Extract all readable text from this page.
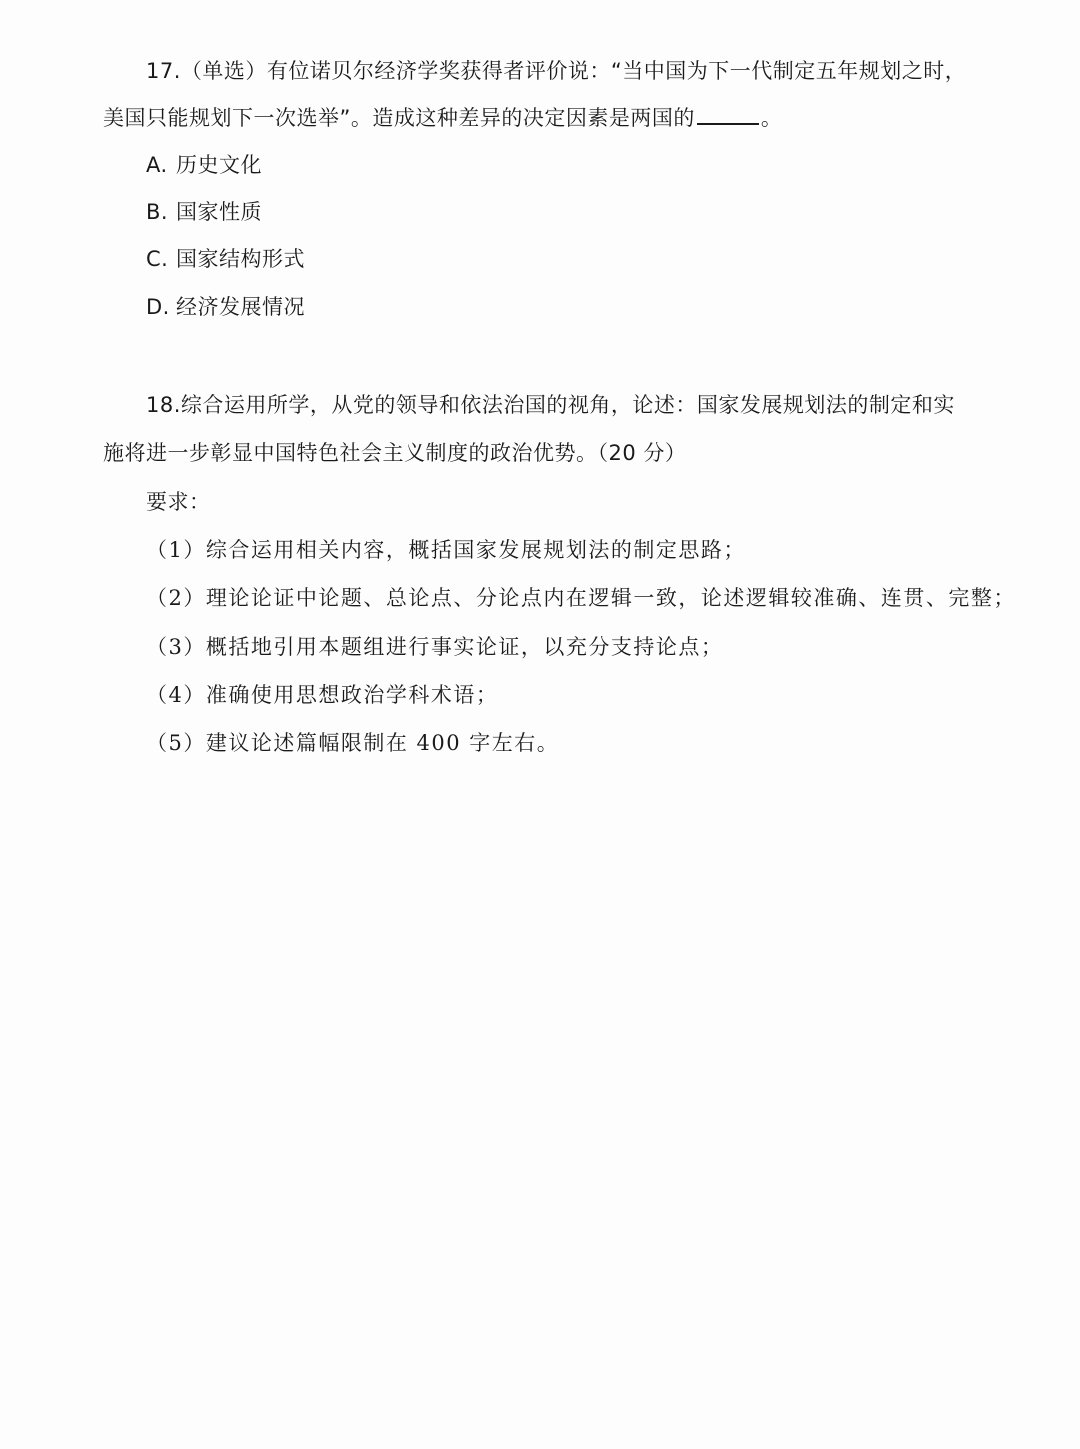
17.（单选）有位诺贝尔经济学奖获得者评价说：“当中国为下一代制定五年规划之时，
美国只能规划下一次选举”。造成这种差异的决定因素是两国的	。
A. 历史文化
B. 国家性质
C. 国家结构形式
D. 经济发展情况
18.综合运用所学，从党的领导和依法治国的视角，论述：国家发展规划法的制定和实
施将进一步彰显中国特色社会主义制度的政治优势。（20 分）
要求：
（1）综合运用相关内容，概括国家发展规划法的制定思路；
（2）理论论证中论题、总论点、分论点内在逻辑一致，论述逻辑较准确、连贯、完整；
（3）概括地引用本题组进行事实论证，以充分支持论点；
（4）准确使用思想政治学科术语；
（5）建议论述篇幅限制在 400 字左右。
